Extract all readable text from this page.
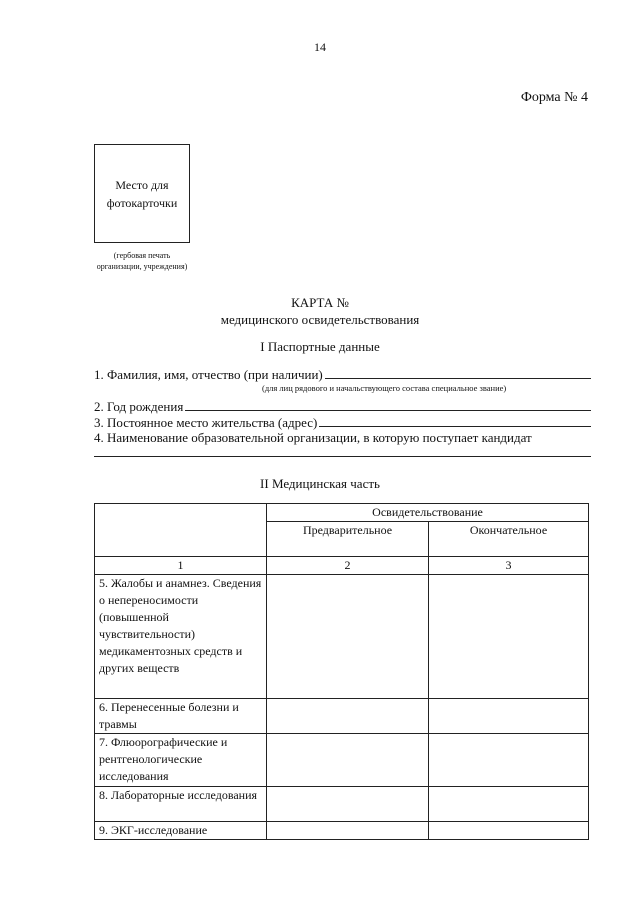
14
Форма № 4
Место для
фотокарточки
(гербовая печать
организации, учреждения)
КАРТА №
медицинского освидетельствования
I Паспортные данные
1. Фамилия, имя, отчество (при наличии)
(для лиц рядового и начальствующего состава специальное звание)
2. Год рождения
3. Постоянное место жительства (адрес)
4. Наименование образовательной организации, в которую поступает кандидат
II Медицинская часть
	Освидетельствование	
	Предварительное	Окончательное
1	2	3
5. Жалобы и анамнез. Сведения о непереносимости (повышенной чувствительности) медикаментозных средств и других веществ		
6. Перенесенные болезни и травмы		
7. Флюорографические и рентгенологические исследования		
8. Лабораторные исследования		
9. ЭКГ-исследование		
